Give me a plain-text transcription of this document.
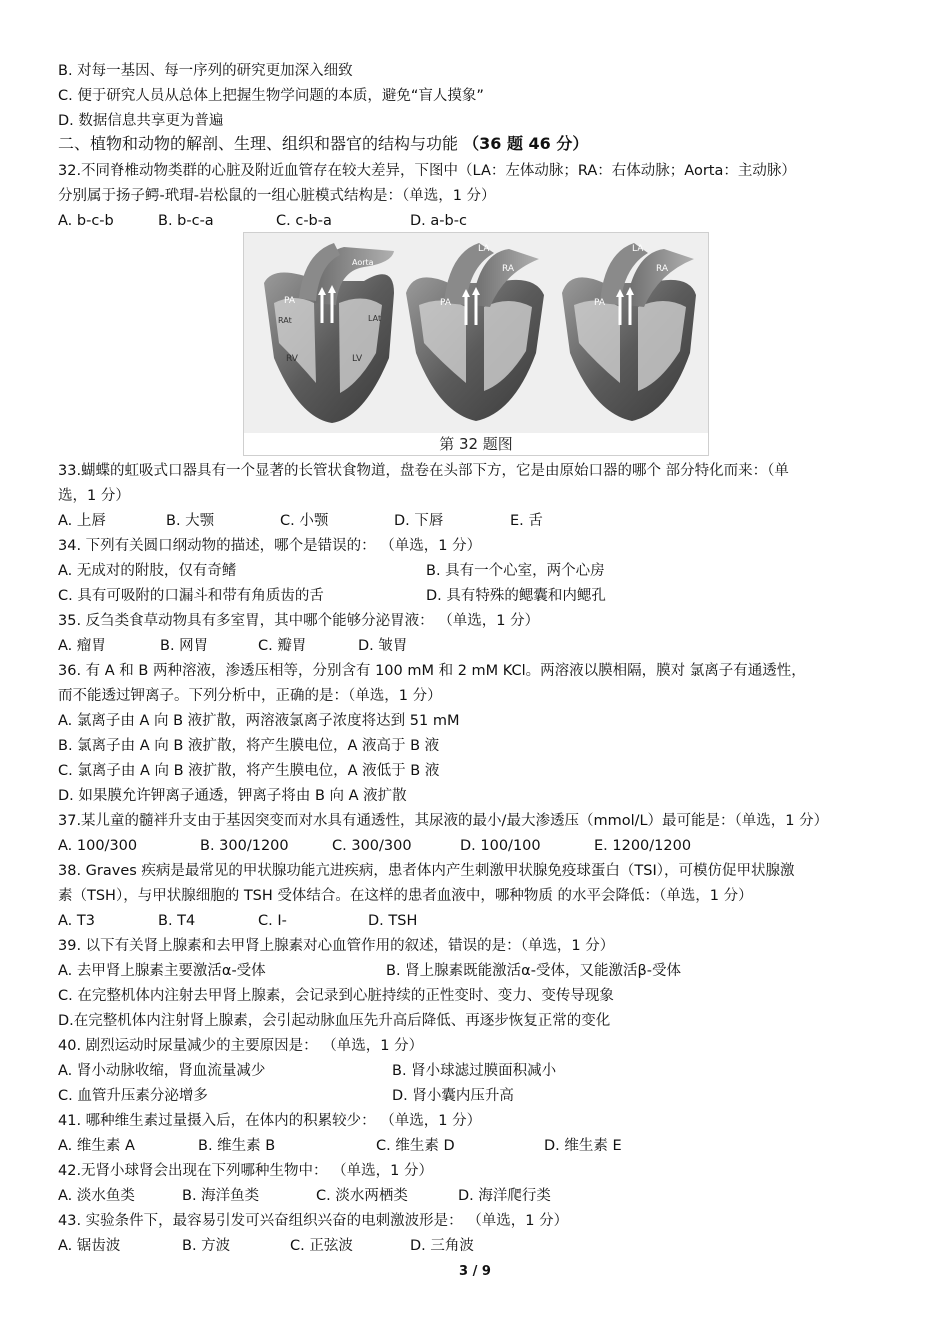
B. 对每一基因、每一序列的研究更加深入细致
C. 便于研究人员从总体上把握生物学问题的本质，避免“盲人摸象”
D. 数据信息共享更为普遍
二、植物和动物的解剖、生理、组织和器官的结构与功能 （36 题 46 分）
32.不同脊椎动物类群的心脏及附近血管存在较大差异，下图中（LA：左体动脉；RA：右体动脉；Aorta：主动脉）
分别属于扬子鳄-玳瑁-岩松鼠的一组心脏模式结构是：（单选，1 分）
A. b-c-b	B. b-c-a	C. c-b-a	D. a-b-c
PA
Aorta
RAt	LAt
RV	LV
LA
PA
RA
LA
PA
RA
第 32 题图
33.蝴蝶的虹吸式口器具有一个显著的长管状食物道，盘卷在头部下方，它是由原始口器的哪个 部分特化而来：（单
选，1 分）
A. 上唇	B. 大颚	C. 小颚	D. 下唇	E. 舌
34. 下列有关圆口纲动物的描述，哪个是错误的： （单选，1 分）
A. 无成对的附肢，仅有奇鳍	B. 具有一个心室，两个心房
C. 具有可吸附的口漏斗和带有角质齿的舌	D. 具有特殊的鳃囊和内鳃孔
35. 反刍类食草动物具有多室胃，其中哪个能够分泌胃液： （单选，1 分）
A. 瘤胃	B. 网胃	C. 瓣胃	D. 皱胃
36. 有 A 和 B 两种溶液，渗透压相等，分别含有 100 mM 和 2 mM KCl。两溶液以膜相隔，膜对 氯离子有通透性，
而不能透过钾离子。下列分析中，正确的是：（单选，1 分）
A. 氯离子由 A 向 B 液扩散，两溶液氯离子浓度将达到 51 mM
B. 氯离子由 A 向 B 液扩散，将产生膜电位，A 液高于 B 液
C. 氯离子由 A 向 B 液扩散，将产生膜电位，A 液低于 B 液
D. 如果膜允许钾离子通透，钾离子将由 B 向 A 液扩散
37.某儿童的髓袢升支由于基因突变而对水具有通透性，其尿液的最小/最大渗透压（mmol/L）最可能是：（单选，1 分）
A. 100/300	B. 300/1200	C. 300/300	D. 100/100	E. 1200/1200
38. Graves 疾病是最常见的甲状腺功能亢进疾病，患者体内产生刺激甲状腺免疫球蛋白（TSI），可模仿促甲状腺激
素（TSH），与甲状腺细胞的 TSH 受体结合。在这样的患者血液中，哪种物质 的水平会降低：（单选，1 分）
A. T3	B. T4	C. I-	D. TSH
39. 以下有关肾上腺素和去甲肾上腺素对心血管作用的叙述，错误的是：（单选，1 分）
A. 去甲肾上腺素主要激活α-受体	B. 肾上腺素既能激活α-受体，又能激活β-受体
C. 在完整机体内注射去甲肾上腺素，会记录到心脏持续的正性变时、变力、变传导现象
D.在完整机体内注射肾上腺素，会引起动脉血压先升高后降低、再逐步恢复正常的变化
40. 剧烈运动时尿量减少的主要原因是： （单选，1 分）
A. 肾小动脉收缩，肾血流量减少	B. 肾小球滤过膜面积减小
C. 血管升压素分泌增多	D. 肾小囊内压升高
41. 哪种维生素过量摄入后，在体内的积累较少： （单选，1 分）
A. 维生素 A	B. 维生素 B	C. 维生素 D	D. 维生素 E
42.无肾小球肾会出现在下列哪种生物中： （单选，1 分）
A. 淡水鱼类	B. 海洋鱼类	C. 淡水两栖类	D. 海洋爬行类
43. 实验条件下，最容易引发可兴奋组织兴奋的电刺激波形是： （单选，1 分）
A. 锯齿波	B. 方波	C. 正弦波	D. 三角波
3 / 9
